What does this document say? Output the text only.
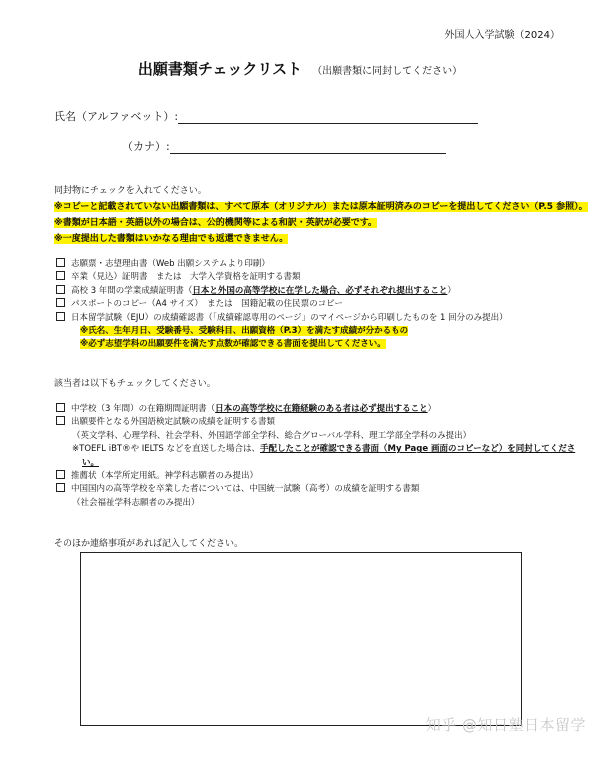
外国人入学試験（2024）
出願書類チェックリスト （出願書類に同封してください）
氏名（アルファベット）:
（カナ）:
同封物にチェックを入れてください。
※コピーと記載されていない出願書類は、すべて原本（オリジナル）または原本証明済みのコピーを提出してください（P.5 参照）。
※書類が日本語・英語以外の場合は、公的機関等による和訳・英訳が必要です。
※一度提出した書類はいかなる理由でも返還できません。
志願票・志望理由書（Web 出願システムより印刷）
卒業（見込）証明書　または　大学入学資格を証明する書類
高校 3 年間の学業成績証明書（日本と外国の高等学校に在学した場合、必ずそれぞれ提出すること）
パスポートのコピー（A4 サイズ）　または　国籍記載の住民票のコピー
日本留学試験（EJU）の成績確認書（「成績確認専用のページ」のマイページから印刷したものを 1 回分のみ提出）
※氏名、生年月日、受験番号、受験科目、出願資格（P.3）を満たす成績が分かるもの
※必ず志望学科の出願要件を満たす点数が確認できる書面を提出してください。
該当者は以下もチェックしてください。
中学校（3 年間）の在籍期間証明書（日本の高等学校に在籍経験のある者は必ず提出すること）
出願要件となる外国語検定試験の成績を証明する書類
（英文学科、心理学科、社会学科、外国語学部全学科、総合グローバル学科、理工学部全学科のみ提出）
※TOEFL iBT®や IELTS などを直送した場合は、手配したことが確認できる書面（My Page 画面のコピーなど）を同封してくださ
い。
推薦状（本学所定用紙。神学科志願者のみ提出）
中国国内の高等学校を卒業した者については、中国統一試験（高考）の成績を証明する書類
（社会福祉学科志願者のみ提出）
そのほか連絡事項があれば記入してください。
知乎 @知日塾日本留学
